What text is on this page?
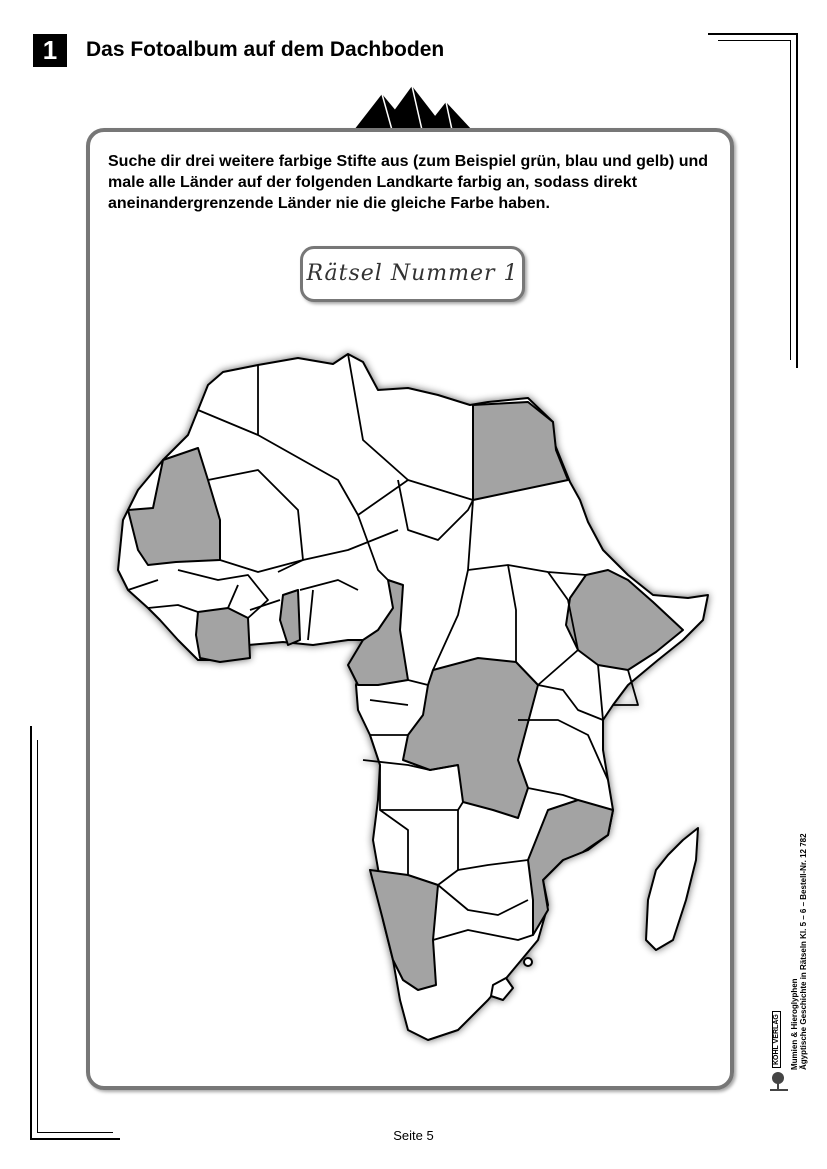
1	Das Fotoalbum auf dem Dachboden
Suche dir drei weitere farbige Stifte aus (zum Beispiel grün, blau und gelb) und male alle Länder auf der folgenden Landkarte farbig an, sodass direkt aneinandergrenzende Länder nie die gleiche Farbe haben.
Rätsel Nummer 1
Mumien & Hieroglyphen Ägyptische Geschichte in Rätseln Kl. 5 – 6 – Bestell-Nr. 12 782
KOHL VERLAG
Seite 5
